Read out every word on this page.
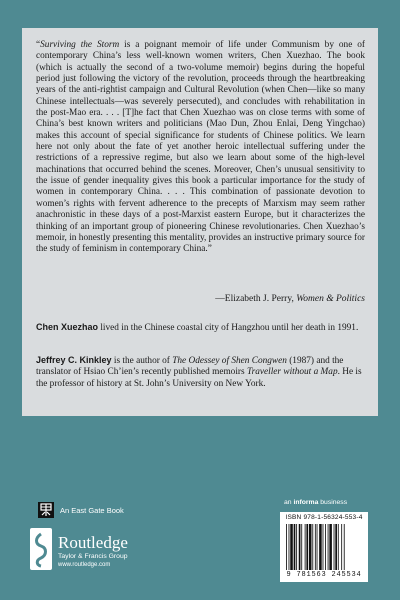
“Surviving the Storm is a poignant memoir of life under Communism by one of contemporary China’s less well-known women writers, Chen Xuezhao. The book (which is actually the second of a two-volume memoir) begins during the hopeful period just following the victory of the revolution, proceeds through the heartbreaking years of the anti-rightist campaign and Cultural Revolution (when Chen—like so many Chinese intellectuals—was severely persecuted), and concludes with rehabilitation in the post-Mao era. . . . [T]he fact that Chen Xuezhao was on close terms with some of China’s best known writers and politicians (Mao Dun, Zhou Enlai, Deng Yingchao) makes this account of special significance for students of Chinese politics. We learn here not only about the fate of yet another heroic intellectual suffering under the restrictions of a repressive regime, but also we learn about some of the high-level machinations that occurred behind the scenes. Moreover, Chen’s unusual sensitivity to the issue of gender inequality gives this book a particular importance for the study of women in contemporary China. . . . This combination of passionate devotion to women’s rights with fervent adherence to the precepts of Marxism may seem rather anachronistic in these days of a post-Marxist eastern Europe, but it characterizes the thinking of an important group of pioneering Chinese revolutionaries. Chen Xuezhao’s memoir, in honestly presenting this mentality, provides an instructive primary source for the study of feminism in contemporary China.”

—Elizabeth J. Perry, Women & Politics

Chen Xuezhao lived in the Chinese coastal city of Hangzhou until her death in 1991.

Jeffrey C. Kinkley is the author of The Odessey of Shen Congwen (1987) and the translator of Hsiao Ch’ien’s recently published memoirs Traveller without a Map. He is the professor of history at St. John’s University on New York.

An East Gate Book
Routledge
Taylor & Francis Group
www.routledge.com
an informa business
ISBN 978-1-56324-553-4
9 781563 245534
